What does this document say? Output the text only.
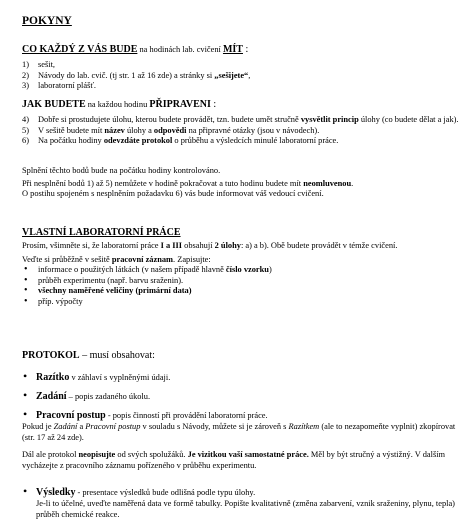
POKYNY
CO KAŽDÝ Z VÁS BUDE na hodinách lab. cvičení MÍT :
1) sešit,
2) Návody do lab. cvič. (tj str. 1 až 16 zde) a stránky si „sešijete“,
3) laboratorní plášť.
JAK BUDETE na každou hodinu PŘIPRAVENI :
4) Dobře si prostudujete úlohu, kterou budete provádět, tzn. budete umět stručně vysvětlit princip úlohy (co budete dělat a jak).
5) V sešitě budete mít název úlohy a odpovědi na připravné otázky (jsou v návodech).
6) Na počátku hodiny odevzdáte protokol o průběhu a výsledcích minulé laboratorní práce.
Splnění těchto bodů bude na počátku hodiny kontrolováno.
Při nesplnění bodů 1) až 5) nemůžete v hodině pokračovat a tuto hodinu budete mít neomluvenou.
O postihu spojeném s nesplněním požadavku 6) vás bude informovat váš vedoucí cvičení.
VLASTNÍ LABORATORNÍ PRÁCE
Prosím, všimněte si, že laboratorní práce I a III obsahují 2 úlohy: a) a b). Obě budete provádět v témže cvičení.
Veďte si průběžně v sešitě pracovní záznam. Zapisujte:
• informace o použitých látkách (v našem případě hlavně číslo vzorku)
• průběh experimentu (např. barvu sraženin).
• všechny naměřené veličiny (primární data)
• příp. výpočty
PROTOKOL – musí obsahovat:
• Razítko v záhlaví s vyplněnými údaji.
• Zadání – popis zadaného úkolu.
• Pracovní postup - popis činností při provádění laboratorní práce.
Pokud je Zadání a Pracovní postup v souladu s Návody, můžete si je zároveň s Razítkem (ale to nezapomeňte vyplnit) zkopírovat (str. 17 až 24 zde).
Dál ale protokol neopisujte od svých spolužáků. Je vizitkou vaší samostatné práce. Měl by být stručný a výstižný. V dalším vycházejte z pracovního záznamu pořízeného v průběhu experimentu.
• Výsledky - presentace výsledků bude odlišná podle typu úlohy.
Je-li to účelné, uveďte naměřená data ve formě tabulky. Popište kvalitativně (změna zabarvení, vznik sraženiny, plynu, tepla) průběh chemické reakce.
